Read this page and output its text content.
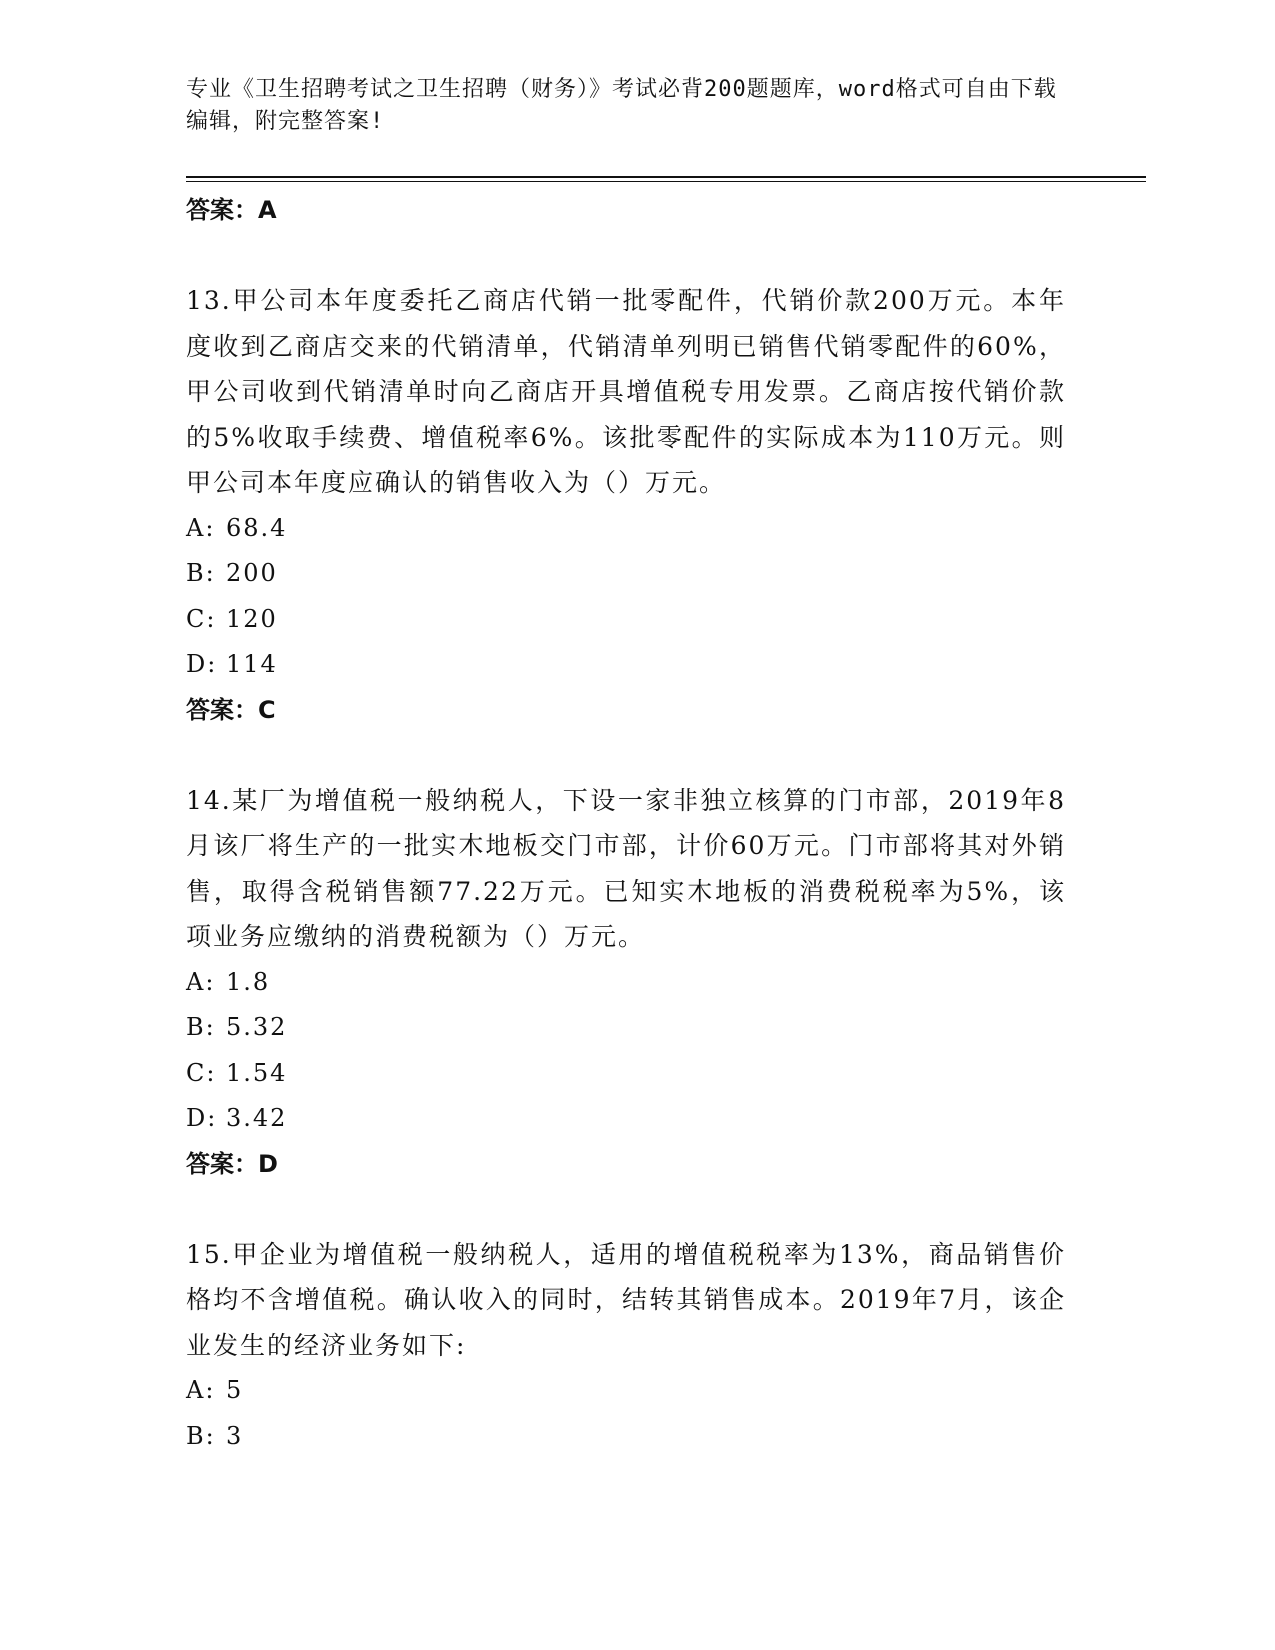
专业《卫生招聘考试之卫生招聘（财务）》考试必背200题题库，word格式可自由下载编辑，附完整答案!
答案：A
13.甲公司本年度委托乙商店代销一批零配件，代销价款200万元。本年度收到乙商店交来的代销清单，代销清单列明已销售代销零配件的60%，甲公司收到代销清单时向乙商店开具增值税专用发票。乙商店按代销价款的5%收取手续费、增值税率6%。该批零配件的实际成本为110万元。则甲公司本年度应确认的销售收入为（）万元。
A: 68.4
B: 200
C: 120
D: 114
答案：C
14.某厂为增值税一般纳税人，下设一家非独立核算的门市部，2019年8月该厂将生产的一批实木地板交门市部，计价60万元。门市部将其对外销售，取得含税销售额77.22万元。已知实木地板的消费税税率为5%，该项业务应缴纳的消费税额为（）万元。
A: 1.8
B: 5.32
C: 1.54
D: 3.42
答案：D
15.甲企业为增值税一般纳税人，适用的增值税税率为13%，商品销售价格均不含增值税。确认收入的同时，结转其销售成本。2019年7月，该企业发生的经济业务如下:
A: 5
B: 3
